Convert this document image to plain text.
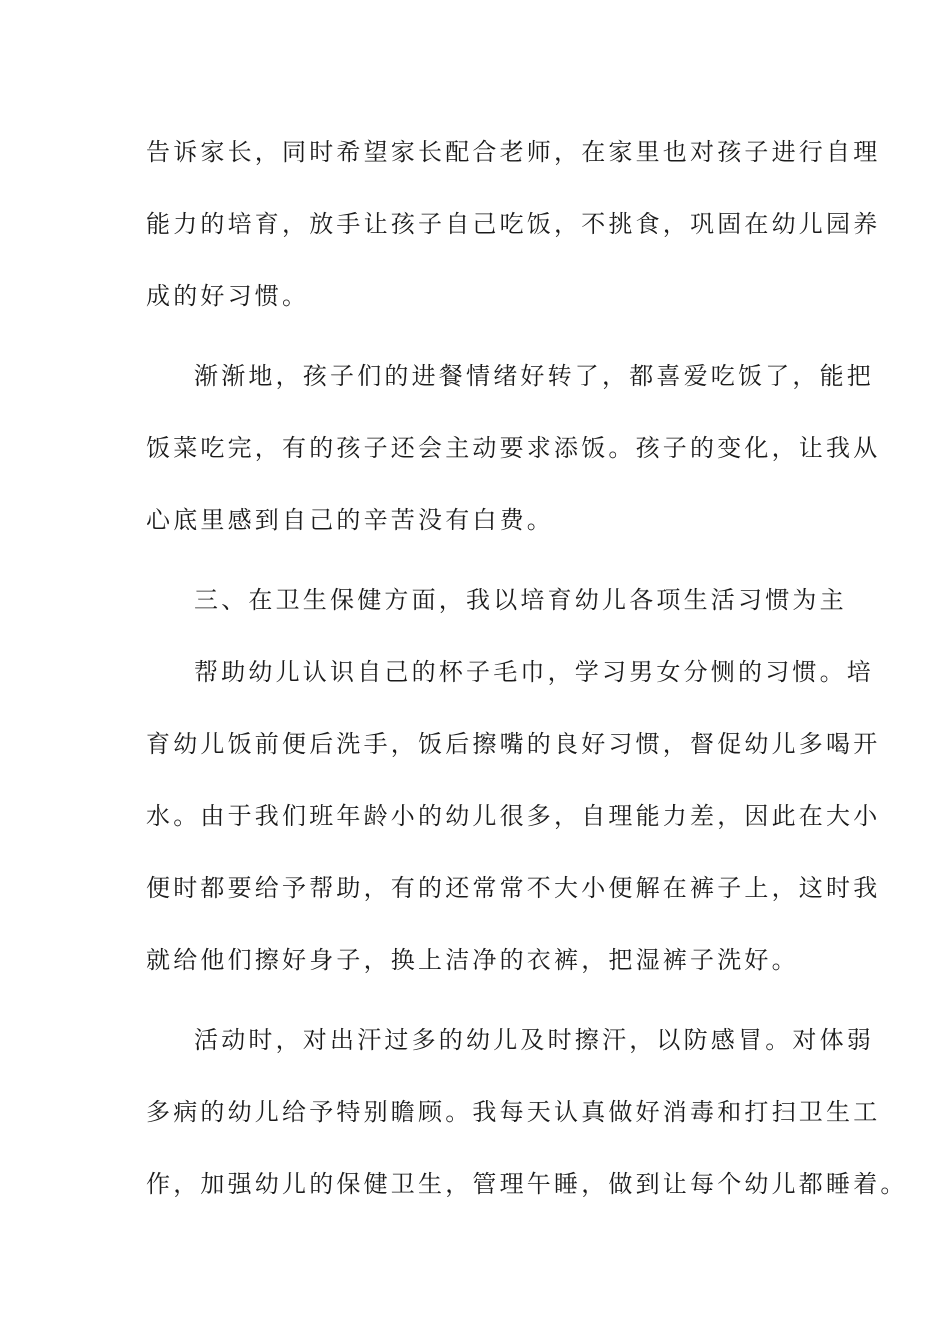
告诉家长，同时希望家长配合老师，在家里也对孩子进行自理
能力的培育，放手让孩子自己吃饭，不挑食，巩固在幼儿园养
成的好习惯。
渐渐地，孩子们的进餐情绪好转了，都喜爱吃饭了，能把
饭菜吃完，有的孩子还会主动要求添饭。孩子的变化，让我从
心底里感到自己的辛苦没有白费。
三、在卫生保健方面，我以培育幼儿各项生活习惯为主
帮助幼儿认识自己的杯子毛巾，学习男女分恻的习惯。培
育幼儿饭前便后洗手，饭后擦嘴的良好习惯，督促幼儿多喝开
水。由于我们班年龄小的幼儿很多，自理能力差，因此在大小
便时都要给予帮助，有的还常常不大小便解在裤子上，这时我
就给他们擦好身子，换上洁净的衣裤，把湿裤子洗好。
活动时，对出汗过多的幼儿及时擦汗，以防感冒。对体弱
多病的幼儿给予特别瞻顾。我每天认真做好消毒和打扫卫生工
作，加强幼儿的保健卫生，管理午睡，做到让每个幼儿都睡着。
